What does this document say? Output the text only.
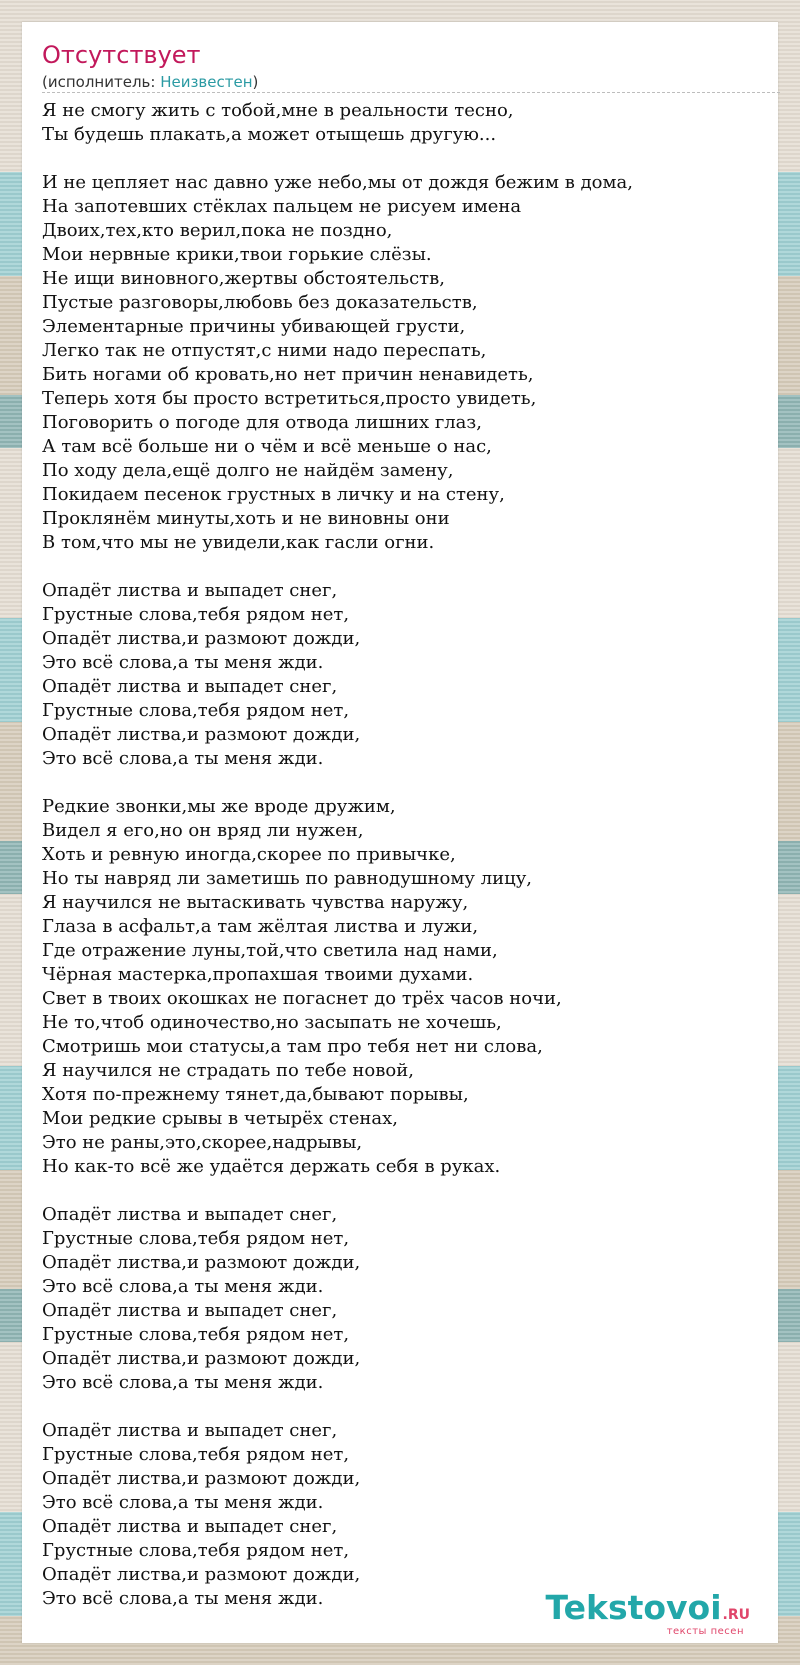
Отсутствует
(исполнитель: Неизвестен)
Я не смогу жить с тобой,мне в реальности тесно,
Ты будешь плакать,а может отыщешь другую...
И не цепляет нас давно уже небо,мы от дождя бежим в дома,
На запотевших стёклах пальцем не рисуем имена
Двоих,тех,кто верил,пока не поздно,
Мои нервные крики,твои горькие слёзы.
Не ищи виновного,жертвы обстоятельств,
Пустые разговоры,любовь без доказательств,
Элементарные причины убивающей грусти,
Легко так не отпустят,с ними надо переспать,
Бить ногами об кровать,но нет причин ненавидеть,
Теперь хотя бы просто встретиться,просто увидеть,
Поговорить о погоде для отвода лишних глаз,
А там всё больше ни о чём и всё меньше о нас,
По ходу дела,ещё долго не найдём замену,
Покидаем песенок грустных в личку и на стену,
Проклянём минуты,хоть и не виновны они
В том,что мы не увидели,как гасли огни.
Опадёт листва и выпадет снег,
Грустные слова,тебя рядом нет,
Опадёт листва,и размоют дожди,
Это всё слова,а ты меня жди.
Опадёт листва и выпадет снег,
Грустные слова,тебя рядом нет,
Опадёт листва,и размоют дожди,
Это всё слова,а ты меня жди.
Редкие звонки,мы же вроде дружим,
Видел я его,но он вряд ли нужен,
Хоть и ревную иногда,скорее по привычке,
Но ты навряд ли заметишь по равнодушному лицу,
Я научился не вытаскивать чувства наружу,
Глаза в асфальт,а там жёлтая листва и лужи,
Где отражение луны,той,что светила над нами,
Чёрная мастерка,пропахшая твоими духами.
Свет в твоих окошках не погаснет до трёх часов ночи,
Не то,чтоб одиночество,но засыпать не хочешь,
Смотришь мои статусы,а там про тебя нет ни слова,
Я научился не страдать по тебе новой,
Хотя по-прежнему тянет,да,бывают порывы,
Мои редкие срывы в четырёх стенах,
Это не раны,это,скорее,надрывы,
Но как-то всё же удаётся держать себя в руках.
Опадёт листва и выпадет снег,
Грустные слова,тебя рядом нет,
Опадёт листва,и размоют дожди,
Это всё слова,а ты меня жди.
Опадёт листва и выпадет снег,
Грустные слова,тебя рядом нет,
Опадёт листва,и размоют дожди,
Это всё слова,а ты меня жди.
Опадёт листва и выпадет снег,
Грустные слова,тебя рядом нет,
Опадёт листва,и размоют дожди,
Это всё слова,а ты меня жди.
Опадёт листва и выпадет снег,
Грустные слова,тебя рядом нет,
Опадёт листва,и размоют дожди,
Это всё слова,а ты меня жди.	Tekstovoi.RU
тексты песен
